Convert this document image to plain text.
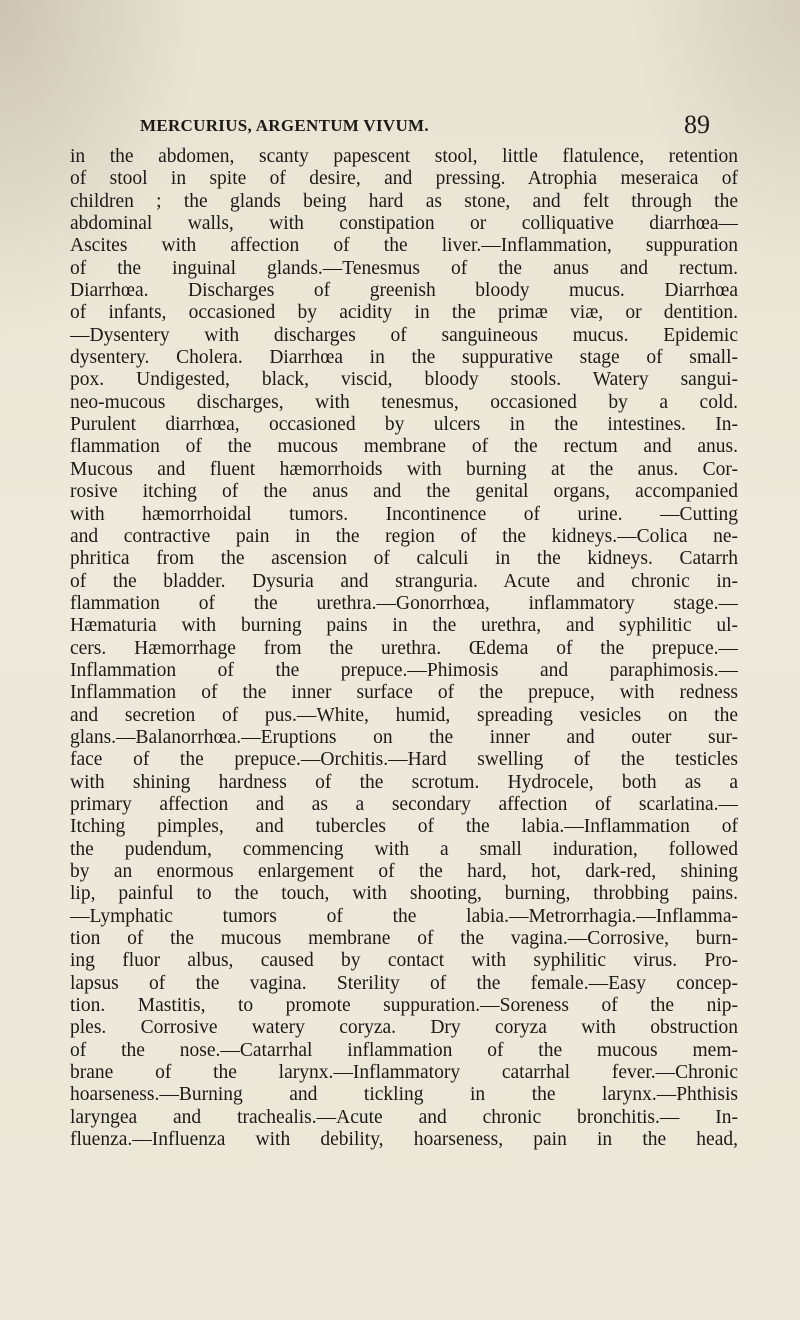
MERCURIUS, ARGENTUM VIVUM.	89
in the abdomen, scanty papescent stool, little flatulence, retention
of stool in spite of desire, and pressing. Atrophia meseraica of
children ; the glands being hard as stone, and felt through the
abdominal walls, with constipation or colliquative diarrhœa—
Ascites with affection of the liver.—Inflammation, suppuration
of the inguinal glands.—Tenesmus of the anus and rectum.
Diarrhœa. Discharges of greenish bloody mucus. Diarrhœa
of infants, occasioned by acidity in the primæ viæ, or dentition.
—Dysentery with discharges of sanguineous mucus. Epidemic
dysentery. Cholera. Diarrhœa in the suppurative stage of small-
pox. Undigested, black, viscid, bloody stools. Watery sangui-
neo-mucous discharges, with tenesmus, occasioned by a cold.
Purulent diarrhœa, occasioned by ulcers in the intestines. In-
flammation of the mucous membrane of the rectum and anus.
Mucous and fluent hæmorrhoids with burning at the anus. Cor-
rosive itching of the anus and the genital organs, accompanied
with hæmorrhoidal tumors. Incontinence of urine. —Cutting
and contractive pain in the region of the kidneys.—Colica ne-
phritica from the ascension of calculi in the kidneys. Catarrh
of the bladder. Dysuria and stranguria. Acute and chronic in-
flammation of the urethra.—Gonorrhœa, inflammatory stage.—
Hæmaturia with burning pains in the urethra, and syphilitic ul-
cers. Hæmorrhage from the urethra. Œdema of the prepuce.—
Inflammation of the prepuce.—Phimosis and paraphimosis.—
Inflammation of the inner surface of the prepuce, with redness
and secretion of pus.—White, humid, spreading vesicles on the
glans.—Balanorrhœa.—Eruptions on the inner and outer sur-
face of the prepuce.—Orchitis.—Hard swelling of the testicles
with shining hardness of the scrotum. Hydrocele, both as a
primary affection and as a secondary affection of scarlatina.—
Itching pimples, and tubercles of the labia.—Inflammation of
the pudendum, commencing with a small induration, followed
by an enormous enlargement of the hard, hot, dark-red, shining
lip, painful to the touch, with shooting, burning, throbbing pains.
—Lymphatic tumors of the labia.—Metrorrhagia.—Inflamma-
tion of the mucous membrane of the vagina.—Corrosive, burn-
ing fluor albus, caused by contact with syphilitic virus. Pro-
lapsus of the vagina. Sterility of the female.—Easy concep-
tion. Mastitis, to promote suppuration.—Soreness of the nip-
ples. Corrosive watery coryza. Dry coryza with obstruction
of the nose.—Catarrhal inflammation of the mucous mem-
brane of the larynx.—Inflammatory catarrhal fever.—Chronic
hoarseness.—Burning and tickling in the larynx.—Phthisis
laryngea and trachealis.—Acute and chronic bronchitis.— In-
fluenza.—Influenza with debility, hoarseness, pain in the head,
